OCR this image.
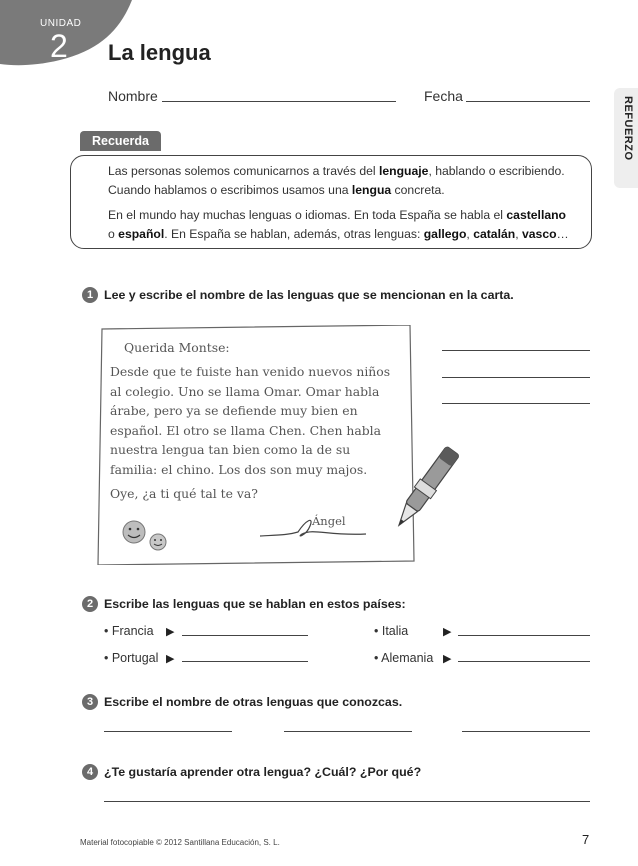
UNIDAD
2 La lengua
Nombre	Fecha	REFUERZO
Recuerda
Las personas solemos comunicarnos a través del lenguaje, hablando o escribiendo.
Cuando hablamos o escribimos usamos una lengua concreta.
En el mundo hay muchas lenguas o idiomas. En toda España se habla el castellano
o español. En España se hablan, además, otras lenguas: gallego, catalán, vasco…
1 Lee y escribe el nombre de las lenguas que se mencionan en la carta.
Querida Montse:
Desde que te fuiste han venido nuevos niños
al colegio. Uno se llama Omar. Omar habla
árabe, pero ya se defiende muy bien en
español. El otro se llama Chen. Chen habla
nuestra lengua tan bien como la de su
familia: el chino. Los dos son muy majos.
Oye, ¿a ti qué tal te va?
Ángel
2 Escribe las lenguas que se hablan en estos países:
• Francia ▶	• Italia	▶
• Portugal ▶	• Alemania ▶
3 Escribe el nombre de otras lenguas que conozcas.
4 ¿Te gustaría aprender otra lengua? ¿Cuál? ¿Por qué?
Material fotocopiable © 2012 Santillana Educación, S. L.	7
